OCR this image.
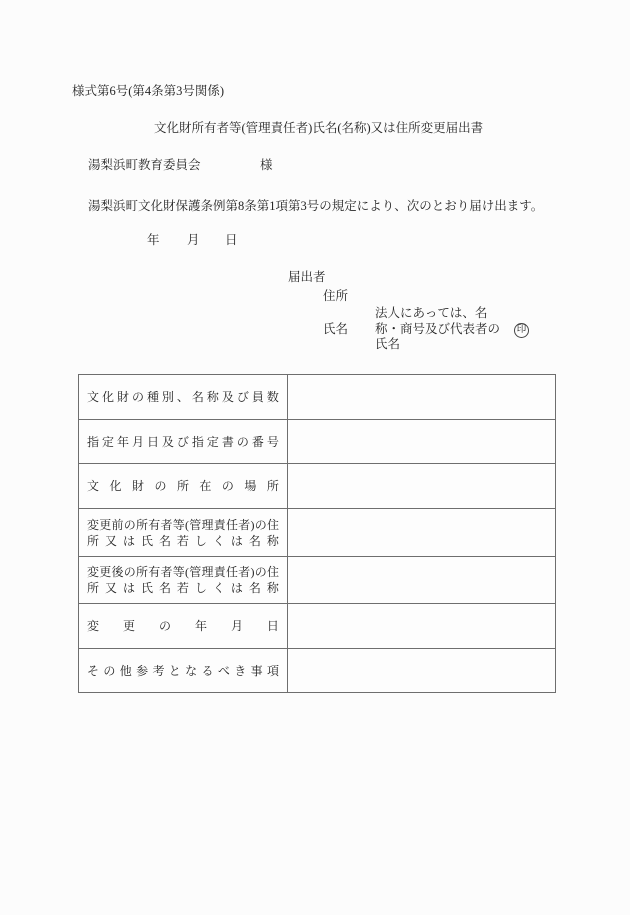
様式第6号(第4条第3号関係)
文化財所有者等(管理責任者)氏名(名称)又は住所変更届出書
湯梨浜町教育委員会	様
湯梨浜町文化財保護条例第8条第1項第3号の規定により、次のとおり届け出ます。
年 月 日
届出者
住所
氏名
法人にあっては、名
称・商号及び代表者の
氏名
印
文 化 財 の 種 別 、 名 称 及 び 員 数
指 定 年 月 日 及 び 指 定 書 の 番 号
文 化 財 の 所 在 の 場 所
変 更 前 の 所 有 者 等 ( 管 理 責 任 者 ) の 住
所 又 は 氏 名 若 し く は 名 称
変 更 後 の 所 有 者 等 ( 管 理 責 任 者 ) の 住
所 又 は 氏 名 若 し く は 名 称
変 更 の 年 月 日
そ の 他 参 考 と な る べ き 事 項
